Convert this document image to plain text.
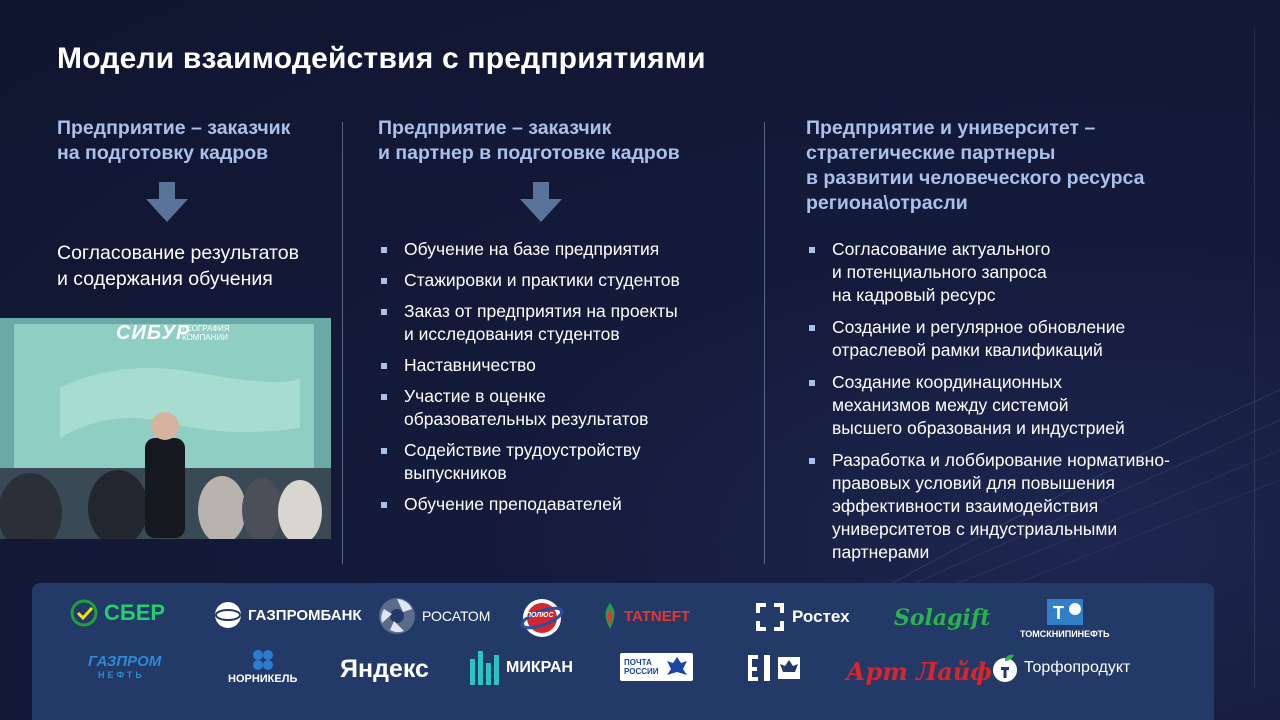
Модели взаимодействия с предприятиями
Предприятие – заказчик
на подготовку кадров
Согласование результатов
и содержания обучения
СИБУР
ГЕОГРАФИЯ
КОМПАНИИ
Предприятие – заказчик
и партнер в подготовке кадров
Обучение на базе предприятия
Стажировки и практики студентов
Заказ от предприятия на проекты
и исследования студентов
Наставничество
Участие в оценке
образовательных результатов
Содействие трудоустройству
выпускников
Обучение преподавателей
Предприятие и университет –
стратегические партнеры
в развитии человеческого ресурса
региона\отрасли
Согласование актуального
и потенциального запроса
на кадровый ресурс
Создание и регулярное обновление
отраслевой рамки квалификаций
Создание координационных
механизмов между системой
высшего образования и индустрией
Разработка и лоббирование нормативно-
правовых условий для повышения
эффективности взаимодействия
университетов с индустриальными
партнерами
СБЕР	ГАЗПРОМБАНК	РОСАТОМ	ПОЛЮС	TATNEFT	Ростех Solagift	Т
ТОМСКНИПИНЕФТЬ
ГАЗПРОМ
НЕФТЬ	НОРНИКЕЛЬ Яндекс	МИКРАН	ПОЧТА
РОССИИ	Арт Лайф Торфопродукт
